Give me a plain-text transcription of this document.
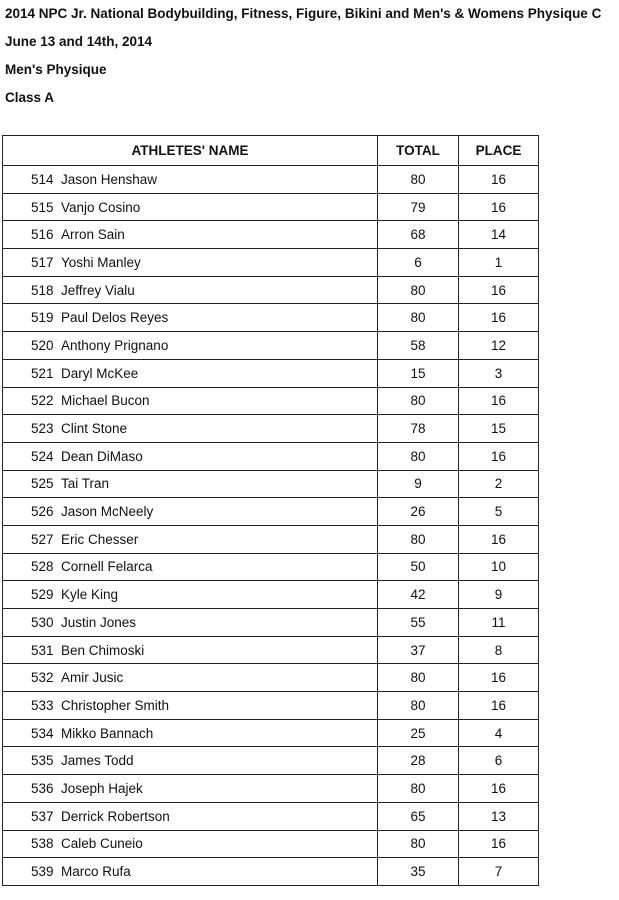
2014 NPC Jr. National Bodybuilding, Fitness, Figure, Bikini and Men's & Womens Physique C
June 13 and 14th, 2014
Men's Physique
Class A
ATHLETES' NAME	TOTAL	PLACE
514 Jason Henshaw	80	16
515 Vanjo Cosino	79	16
516 Arron Sain	68	14
517 Yoshi Manley	6	1
518 Jeffrey Vialu	80	16
519 Paul Delos Reyes	80	16
520 Anthony Prignano	58	12
521 Daryl McKee	15	3
522 Michael Bucon	80	16
523 Clint Stone	78	15
524 Dean DiMaso	80	16
525 Tai Tran	9	2
526 Jason McNeely	26	5
527 Eric Chesser	80	16
528 Cornell Felarca	50	10
529 Kyle King	42	9
530 Justin Jones	55	11
531 Ben Chimoski	37	8
532 Amir Jusic	80	16
533 Christopher Smith	80	16
534 Mikko Bannach	25	4
535 James Todd	28	6
536 Joseph Hajek	80	16
537 Derrick Robertson	65	13
538 Caleb Cuneio	80	16
539 Marco Rufa	35	7
